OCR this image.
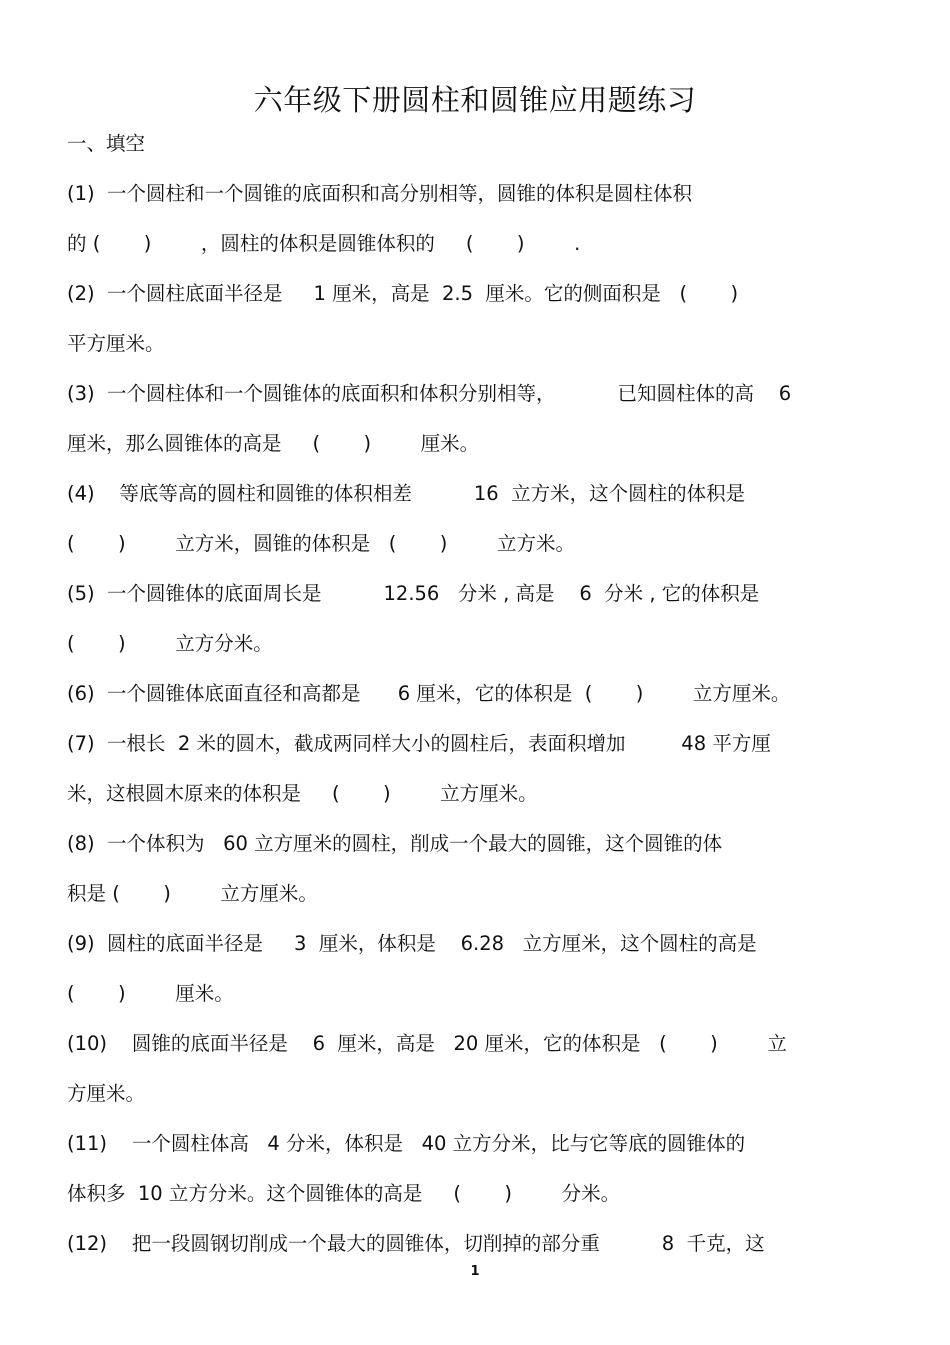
六年级下册圆柱和圆锥应用题练习
一、填空
(1)  一个圆柱和一个圆锥的底面积和高分别相等，圆锥的体积是圆柱体积
的 (       )        ，圆柱的体积是圆锥体积的     (       )        .
(2)  一个圆柱底面半径是     1 厘米，高是  2.5  厘米。它的侧面积是   (       )
平方厘米。
(3)  一个圆柱体和一个圆锥体的底面积和体积分别相等，          已知圆柱体的高    6
厘米，那么圆锥体的高是     (       )        厘米。
(4)    等底等高的圆柱和圆锥的体积相差          16  立方米，这个圆柱的体积是
(       )        立方米，圆锥的体积是   (       )        立方米。
(5)  一个圆锥体的底面周长是          12.56   分米 , 高是    6  分米 , 它的体积是
(       )        立方分米。
(6)  一个圆锥体底面直径和高都是      6 厘米，它的体积是  (       )        立方厘米。
(7)  一根长  2 米的圆木，截成两同样大小的圆柱后，表面积增加         48 平方厘
米，这根圆木原来的体积是     (       )        立方厘米。
(8)  一个体积为   60 立方厘米的圆柱，削成一个最大的圆锥，这个圆锥的体
积是 (       )        立方厘米。
(9)  圆柱的底面半径是     3  厘米，体积是    6.28   立方厘米，这个圆柱的高是
(       )        厘米。
(10)    圆锥的底面半径是    6  厘米，高是   20 厘米，它的体积是   (       )        立
方厘米。
(11)    一个圆柱体高   4 分米，体积是   40 立方分米，比与它等底的圆锥体的
体积多  10 立方分米。这个圆锥体的高是     (       )        分米。
(12)    把一段圆钢切削成一个最大的圆锥体，切削掉的部分重          8  千克，这
1
